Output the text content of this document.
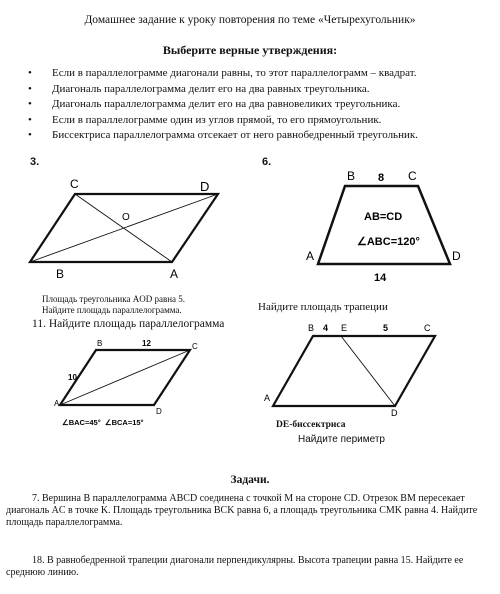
Домашнее задание к уроку повторения по теме «Четырехугольник»
Выберите верные утверждения:
• Если в параллелограмме диагонали равны, то этот параллелограмм – квадрат.
• Диагональ параллелограмма делит его на два равных треугольника.
• Диагональ параллелограмма делит его на два равновеликих треугольника.
• Если в параллелограмме один из углов прямой, то его прямоугольник.
• Биссектриса параллелограмма отсекает от него равнобедренный треугольник.
3.
C	D
O
B	A
Площадь треугольника AOD равна 5.
Найдите площадь параллелограмма.
6.
B 8 C
AB=CD
∠ABC=120°
A	D
14
Найдите площадь трапеции
11. Найдите площадь параллелограмма
B	12	C
10
A
D
∠BAC=45°  ∠BCA=15°
B 4 E	5	C
A
D
DE-биссектриса
Найдите периметр
Задачи.
7. Вершина B параллелограмма ABCD соединена с точкой M на стороне CD. Отрезок BM пересекает диагональ AC в точке K. Площадь треугольника BCK равна 6, а площадь треугольника CMK равна 4. Найдите площадь параллелограмма.
18. В равнобедренной трапеции диагонали перпендикулярны. Высота трапеции равна 15. Найдите ее среднюю линию.
